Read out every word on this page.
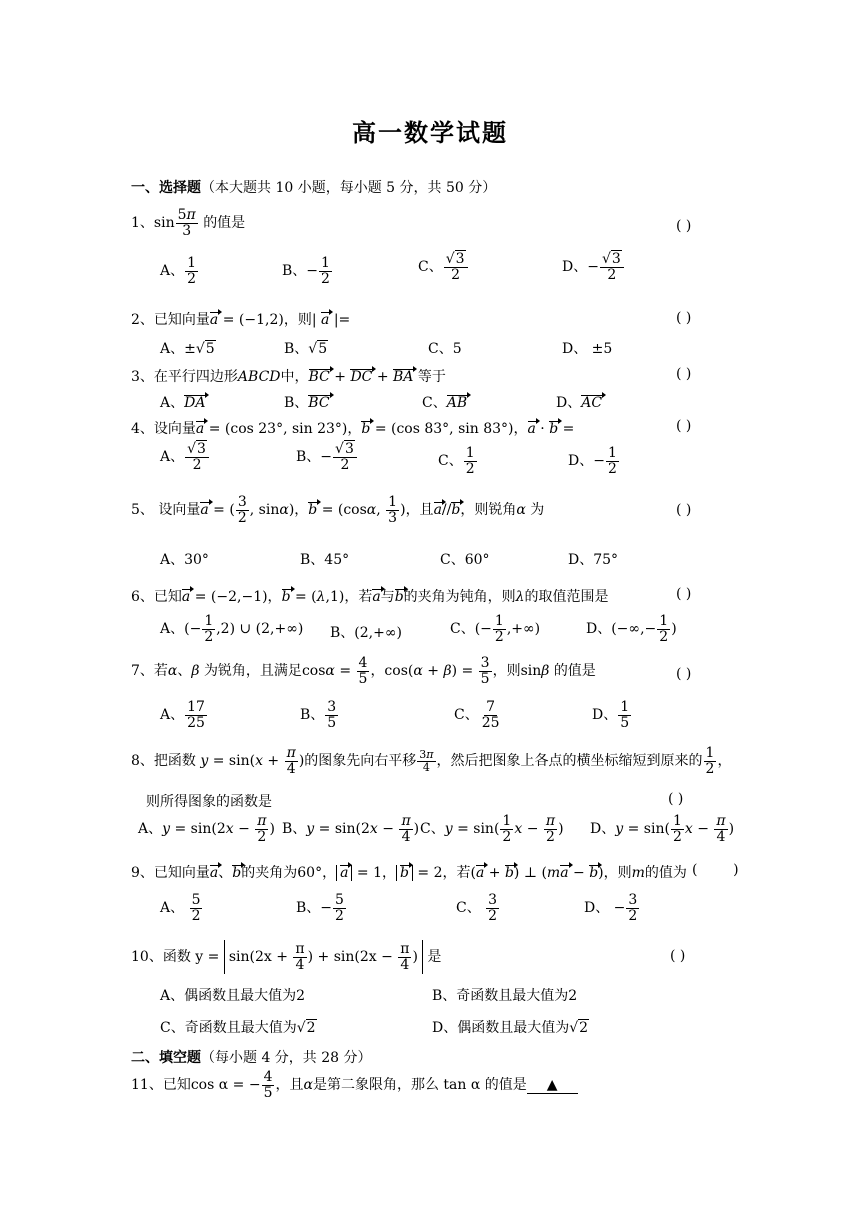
高一数学试题
一、选择题（本大题共 10 小题，每小题 5 分，共 50 分）
1、$\sin \frac{5\pi}{3}$ 的值是	( )
A、 $\frac{1}{2}$	B、− $\frac{1}{2}$	C、 $\frac{√3}{2}$	D、− $\frac{√3}{2}$
2、已知向量a = (−1,2)，则| a |=	( )
A、±√5	B、√5	C、5	D、 ±5
3、在平行四边形ABCD中，BC + DC + BA 等于	( )
A、DA	B、BC	C、AB	D、AC
4、设向量a = (cos 23°, sin 23°)，b = (cos 83°, sin 83°)，a · b =	( )
A、 $\frac{√3}{2}$	B、− $\frac{√3}{2}$	C、 $\frac{1}{2}$	D、− $\frac{1}{2}$
5、 设向量a = ( $\frac{3}{2}$ , sinα)，b = (cosα, $\frac{1}{3}$ )，且a//b，则锐角α 为	( )
A、30°	B、45°	C、60°	D、75°
6、已知a = (−2,−1)，b = (λ,1)，若a与b的夹角为钝角，则λ的取值范围是	( )
A、(− $\frac{1}{2} ,2$) ∪ (2,+∞) B、(2,+∞)	C、(− $\frac{1}{2}$ ,+∞)	D、(−∞,− $\frac{1}{2}$ )
7、若α、β 为锐角，且满足$\cos\alpha = \frac{4}{5}$ ，$\cos(\alpha + \beta) = \frac{3}{5}$ ，则sinβ 的值是	( )
A、 $\frac{17}{25}$	B、 $\frac{3}{5}$	C、 $\frac{7}{25}$	D、 $\frac{1}{5}$
8、把函数 $y = \sin(x + \frac{\pi}{4}$ )的图象先向右平移 $\frac{3\pi}{4}$ ，然后把图象上各点的横坐标缩短到原来的 $\frac{1}{2}$ ，
则所得图象的函数是	( )
A、$y = \sin(2x - \frac{\pi}{2}$ ) B、$y = \sin(2x - \frac{\pi}{4}$ ) C、$y = \sin( \frac{1}{2}$ $x - \frac{\pi}{2}$ ) D、$y = \sin( \frac{1}{2}$ $x - \frac{\pi}{4}$ )
9、已知向量a、b的夹角为60°， a = 1， b = 2，若(a + b) ⊥ (ma − b)，则m的值为 (        )
A、 $\frac{5}{2}$	B、− $\frac{5}{2}$	C、 $\frac{3}{2}$	D、 − $\frac{3}{2}$
10、函数 $y = \sin(2x + \frac{\pi}{4}$ ) + $\sin(2x - \frac{\pi}{4}$ ) 是	( )
A、偶函数且最大值为2	B、奇函数且最大值为2
C、奇函数且最大值为√2	D、偶函数且最大值为√2
二、填空题（每小题 4 分，共 28 分）
11、已知cos α = − $\frac{4}{5}$ ，且α是第二象限角，那么 tan α 的值是 ▲
